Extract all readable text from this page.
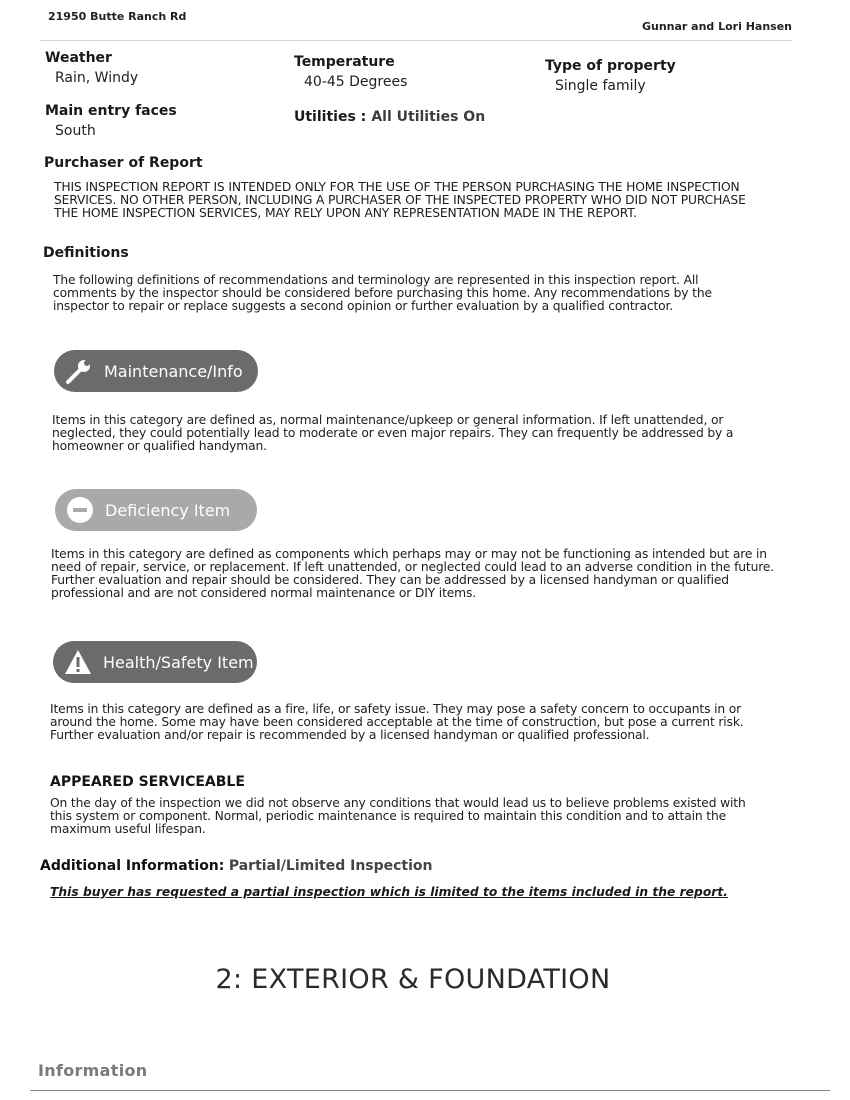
21950 Butte Ranch Rd
Gunnar and Lori Hansen
Weather
Rain, Windy
Temperature
40-45 Degrees
Type of property
Single family
Main entry faces
South
Utilities : All Utilities On
Purchaser of Report
THIS INSPECTION REPORT IS INTENDED ONLY FOR THE USE OF THE PERSON PURCHASING THE HOME INSPECTION
SERVICES. NO OTHER PERSON, INCLUDING A PURCHASER OF THE INSPECTED PROPERTY WHO DID NOT PURCHASE
THE HOME INSPECTION SERVICES, MAY RELY UPON ANY REPRESENTATION MADE IN THE REPORT.
Definitions
The following definitions of recommendations and terminology are represented in this inspection report. All
comments by the inspector should be considered before purchasing this home. Any recommendations by the
inspector to repair or replace suggests a second opinion or further evaluation by a qualified contractor.
Maintenance/Info
Items in this category are defined as, normal maintenance/upkeep or general information. If left unattended, or
neglected, they could potentially lead to moderate or even major repairs. They can frequently be addressed by a
homeowner or qualified handyman.
Deficiency Item
Items in this category are defined as components which perhaps may or may not be functioning as intended but are in
need of repair, service, or replacement. If left unattended, or neglected could lead to an adverse condition in the future.
Further evaluation and repair should be considered. They can be addressed by a licensed handyman or qualified
professional and are not considered normal maintenance or DIY items.
Health/Safety Item
Items in this category are defined as a fire, life, or safety issue. They may pose a safety concern to occupants in or
around the home. Some may have been considered acceptable at the time of construction, but pose a current risk.
Further evaluation and/or repair is recommended by a licensed handyman or qualified professional.
APPEARED SERVICEABLE
On the day of the inspection we did not observe any conditions that would lead us to believe problems existed with
this system or component. Normal, periodic maintenance is required to maintain this condition and to attain the
maximum useful lifespan.
Additional Information: Partial/Limited Inspection
This buyer has requested a partial inspection which is limited to the items included in the report.
2: EXTERIOR & FOUNDATION
Information
